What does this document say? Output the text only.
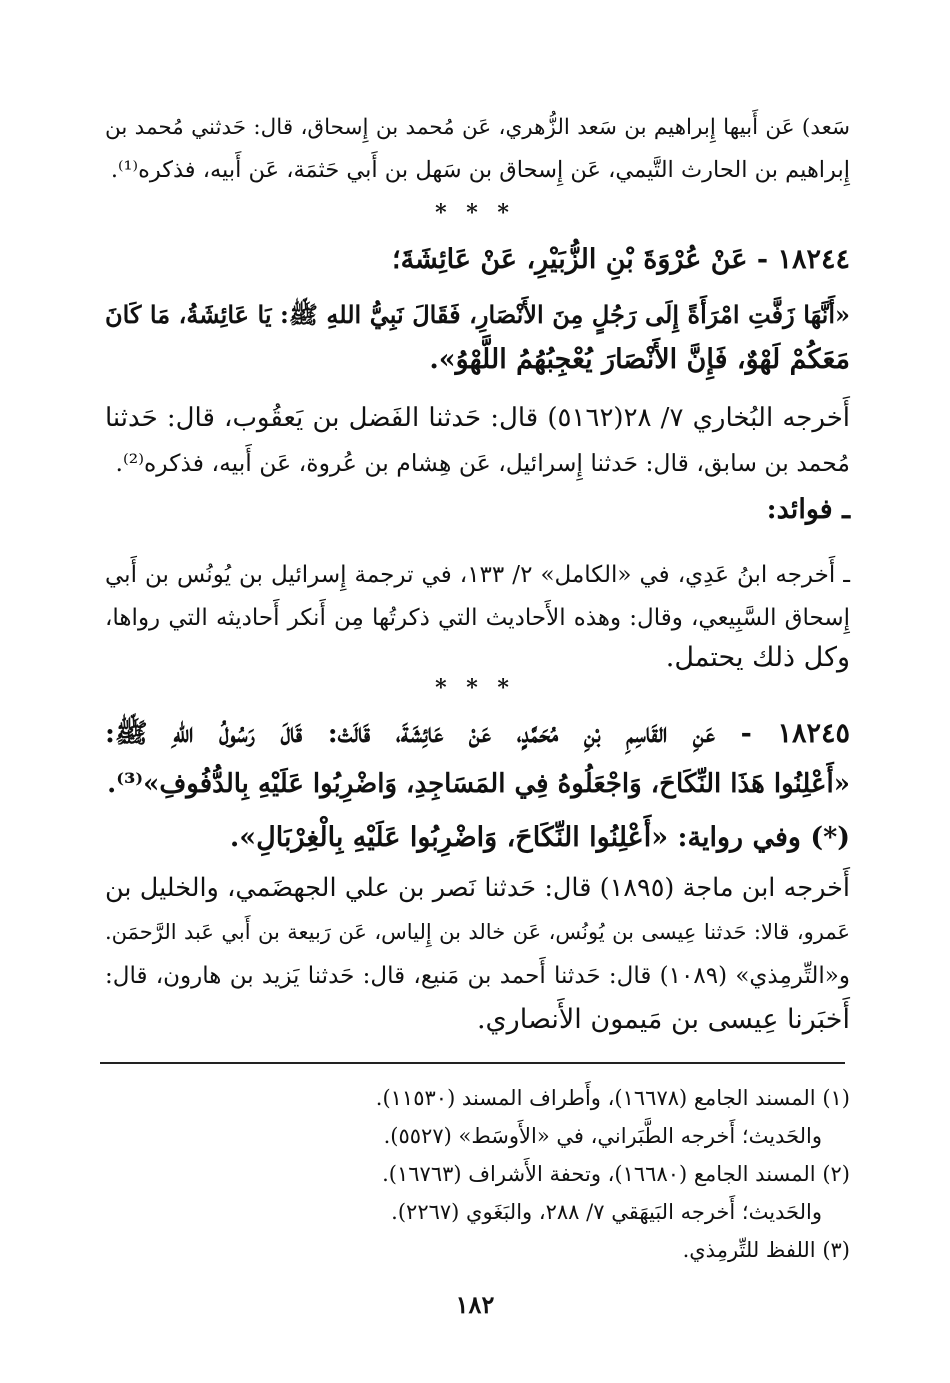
سَعد) عَن أَبيها إِبراهيم بن سَعد الزُّهري، عَن مُحمد بن إِسحاق، قال: حَدثني مُحمد بن
إِبراهيم بن الحارث التَّيمي، عَن إِسحاق بن سَهل بن أَبي حَثمَة، عَن أَبيه، فذكره⁽¹⁾.
* * *
١٨٢٤٤ - عَنْ عُرْوَةَ بْنِ الزُّبَيْرِ، عَنْ عَائِشَةَ؛
«أَنَّهَا زَفَّتِ امْرَأَةً إِلَى رَجُلٍ مِنَ الأَنْصَارِ، فَقَالَ نَبِيُّ اللهِ ﷺ: يَا عَائِشَةُ، مَا كَانَ
مَعَكُمْ لَهْوٌ، فَإِنَّ الأَنْصَارَ يُعْجِبُهُمُ اللَّهْوُ».
أَخرجه البُخاري ٧/ ٢٨(٥١٦٢) قال: حَدثنا الفَضل بن يَعقُوب، قال: حَدثنا
مُحمد بن سابق، قال: حَدثنا إِسرائيل، عَن هِشام بن عُروة، عَن أَبيه، فذكره⁽²⁾.
ـ فوائد:
ـ أَخرجه ابنُ عَدِي، في «الكامل» ٢/ ١٣٣، في ترجمة إِسرائيل بن يُونُس بن أَبي
إِسحاق السَّبِيعي، وقال: وهذه الأَحاديث التي ذكرتُها مِن أَنكر أَحاديثه التي رواها،
وكل ذلك يحتمل.
* * *
١٨٢٤٥ - عَنِ القَاسِمِ بْنِ مُحَمَّدٍ، عَنْ عَائِشَةَ، قَالَتْ: قَالَ رَسُولُ اللهِ ﷺ:
«أَعْلِنُوا هَذَا النِّكَاحَ، وَاجْعَلُوهُ فِي المَسَاجِدِ، وَاضْرِبُوا عَلَيْهِ بِالدُّفُوفِ»⁽³⁾.
(*) وفي رواية: «أَعْلِنُوا النِّكَاحَ، وَاضْرِبُوا عَلَيْهِ بِالْغِرْبَالِ».
أَخرجه ابن ماجة (١٨٩٥) قال: حَدثنا نَصر بن علي الجهضَمي، والخليل بن
عَمرو، قالا: حَدثنا عِيسى بن يُونُس، عَن خالد بن إِلياس، عَن رَبيعة بن أَبي عَبد الرَّحمَن.
و«التِّرمِذي» (١٠٨٩) قال: حَدثنا أَحمد بن مَنيع، قال: حَدثنا يَزيد بن هارون، قال:
أَخبَرنا عِيسى بن مَيمون الأَنصاري.
(١) المسند الجامع (١٦٦٧٨)، وأَطراف المسند (١١٥٣٠).
والحَديث؛ أَخرجه الطَّبَراني، في «الأَوسَط» (٥٥٢٧).
(٢) المسند الجامع (١٦٦٨٠)، وتحفة الأَشراف (١٦٧٦٣).
والحَديث؛ أَخرجه البَيهَقي ٧/ ٢٨٨، والبَغَوي (٢٢٦٧).
(٣) اللفظ للتِّرمِذي.
١٨٢
